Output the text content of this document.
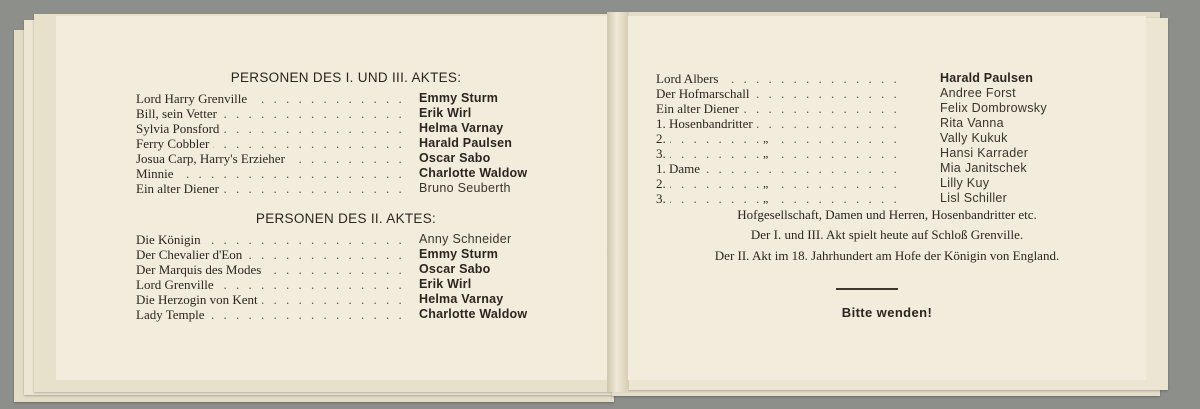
PERSONEN DES I. UND III. AKTES:
. . .
Lord Harry Grenville	Emmy Sturm
. . .
Bill, sein Vetter	Erik Wirl
. . .
Sylvia Ponsford	Helma Varnay
. . .
Ferry Cobbler	Harald Paulsen
. . .
Josua Carp, Harry's Erzieher	Oscar Sabo
. . .
Minnie	Charlotte Waldow
. . .
Ein alter Diener	Bruno Seuberth
PERSONEN DES II. AKTES:
. . .
Die Königin	Anny Schneider
. . .
Der Chevalier d'Eon	Emmy Sturm
. . .
Der Marquis des Modes	Oscar Sabo
. . .
Lord Grenville	Erik Wirl
. . .
Die Herzogin von Kent	Helma Varnay
. . .
Lady Temple	Charlotte Waldow
. . .
Lord Albers	Harald Paulsen
. . .
Der Hofmarschall	Andree Forst
. . .
Ein alter Diener	Felix Dombrowsky
. . .
1. Hosenbandritter	Rita Vanna
. . .
2.	„	Vally Kukuk
. . .
3.	„	Hansi Karrader
. . .
1. Dame	Mia Janitschek
. . .
2.	„	Lilly Kuy
. . .
3.	„	Lisl Schiller
Hofgesellschaft, Damen und Herren, Hosenbandritter etc.
Der I. und III. Akt spielt heute auf Schloß Grenville.
Der II. Akt im 18. Jahrhundert am Hofe der Königin von England.
Bitte wenden!
